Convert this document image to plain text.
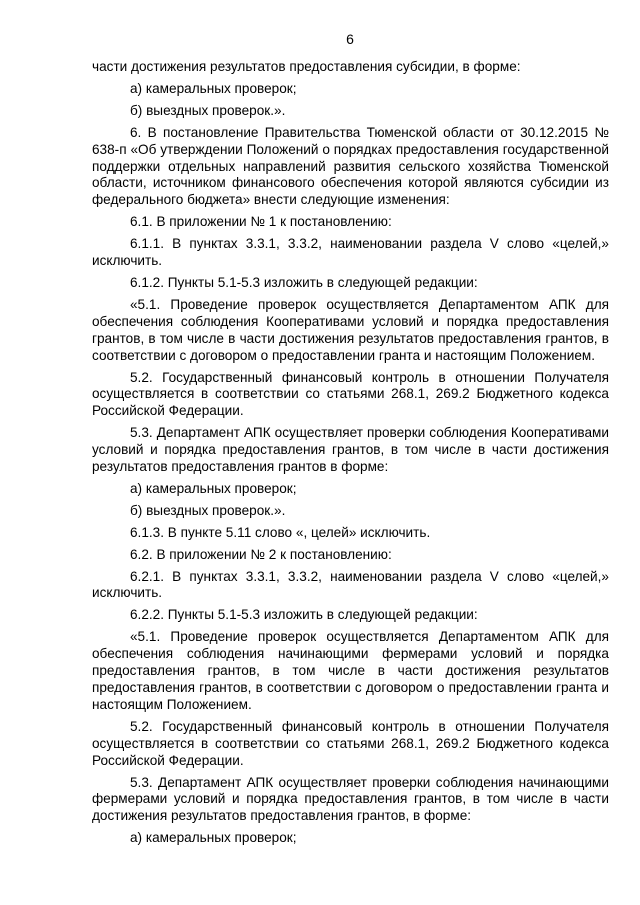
6

части достижения результатов предоставления субсидии, в форме:

а) камеральных проверок;

б) выездных проверок.».

6. В постановление Правительства Тюменской области от 30.12.2015 № 638-п «Об утверждении Положений о порядках предоставления государственной поддержки отдельных направлений развития сельского хозяйства Тюменской области, источником финансового обеспечения которой являются субсидии из федерального бюджета» внести следующие изменения:

6.1. В приложении № 1 к постановлению:

6.1.1. В пунктах 3.3.1, 3.3.2, наименовании раздела V слово «целей,» исключить.

6.1.2. Пункты 5.1-5.3 изложить в следующей редакции:

«5.1. Проведение проверок осуществляется Департаментом АПК для обеспечения соблюдения Кооперативами условий и порядка предоставления грантов, в том числе в части достижения результатов предоставления грантов, в соответствии с договором о предоставлении гранта и настоящим Положением.

5.2. Государственный финансовый контроль в отношении Получателя осуществляется в соответствии со статьями 268.1, 269.2 Бюджетного кодекса Российской Федерации.

5.3. Департамент АПК осуществляет проверки соблюдения Кооперативами условий и порядка предоставления грантов, в том числе в части достижения результатов предоставления грантов в форме:

а) камеральных проверок;

б) выездных проверок.».

6.1.3. В пункте 5.11 слово «, целей» исключить.

6.2. В приложении № 2 к постановлению:

6.2.1. В пунктах 3.3.1, 3.3.2, наименовании раздела V слово «целей,» исключить.

6.2.2. Пункты 5.1-5.3 изложить в следующей редакции:

«5.1. Проведение проверок осуществляется Департаментом АПК для обеспечения соблюдения начинающими фермерами условий и порядка предоставления грантов, в том числе в части достижения результатов предоставления грантов, в соответствии с договором о предоставлении гранта и настоящим Положением.

5.2. Государственный финансовый контроль в отношении Получателя осуществляется в соответствии со статьями 268.1, 269.2 Бюджетного кодекса Российской Федерации.

5.3. Департамент АПК осуществляет проверки соблюдения начинающими фермерами условий и порядка предоставления грантов, в том числе в части достижения результатов предоставления грантов, в форме:

а) камеральных проверок;
